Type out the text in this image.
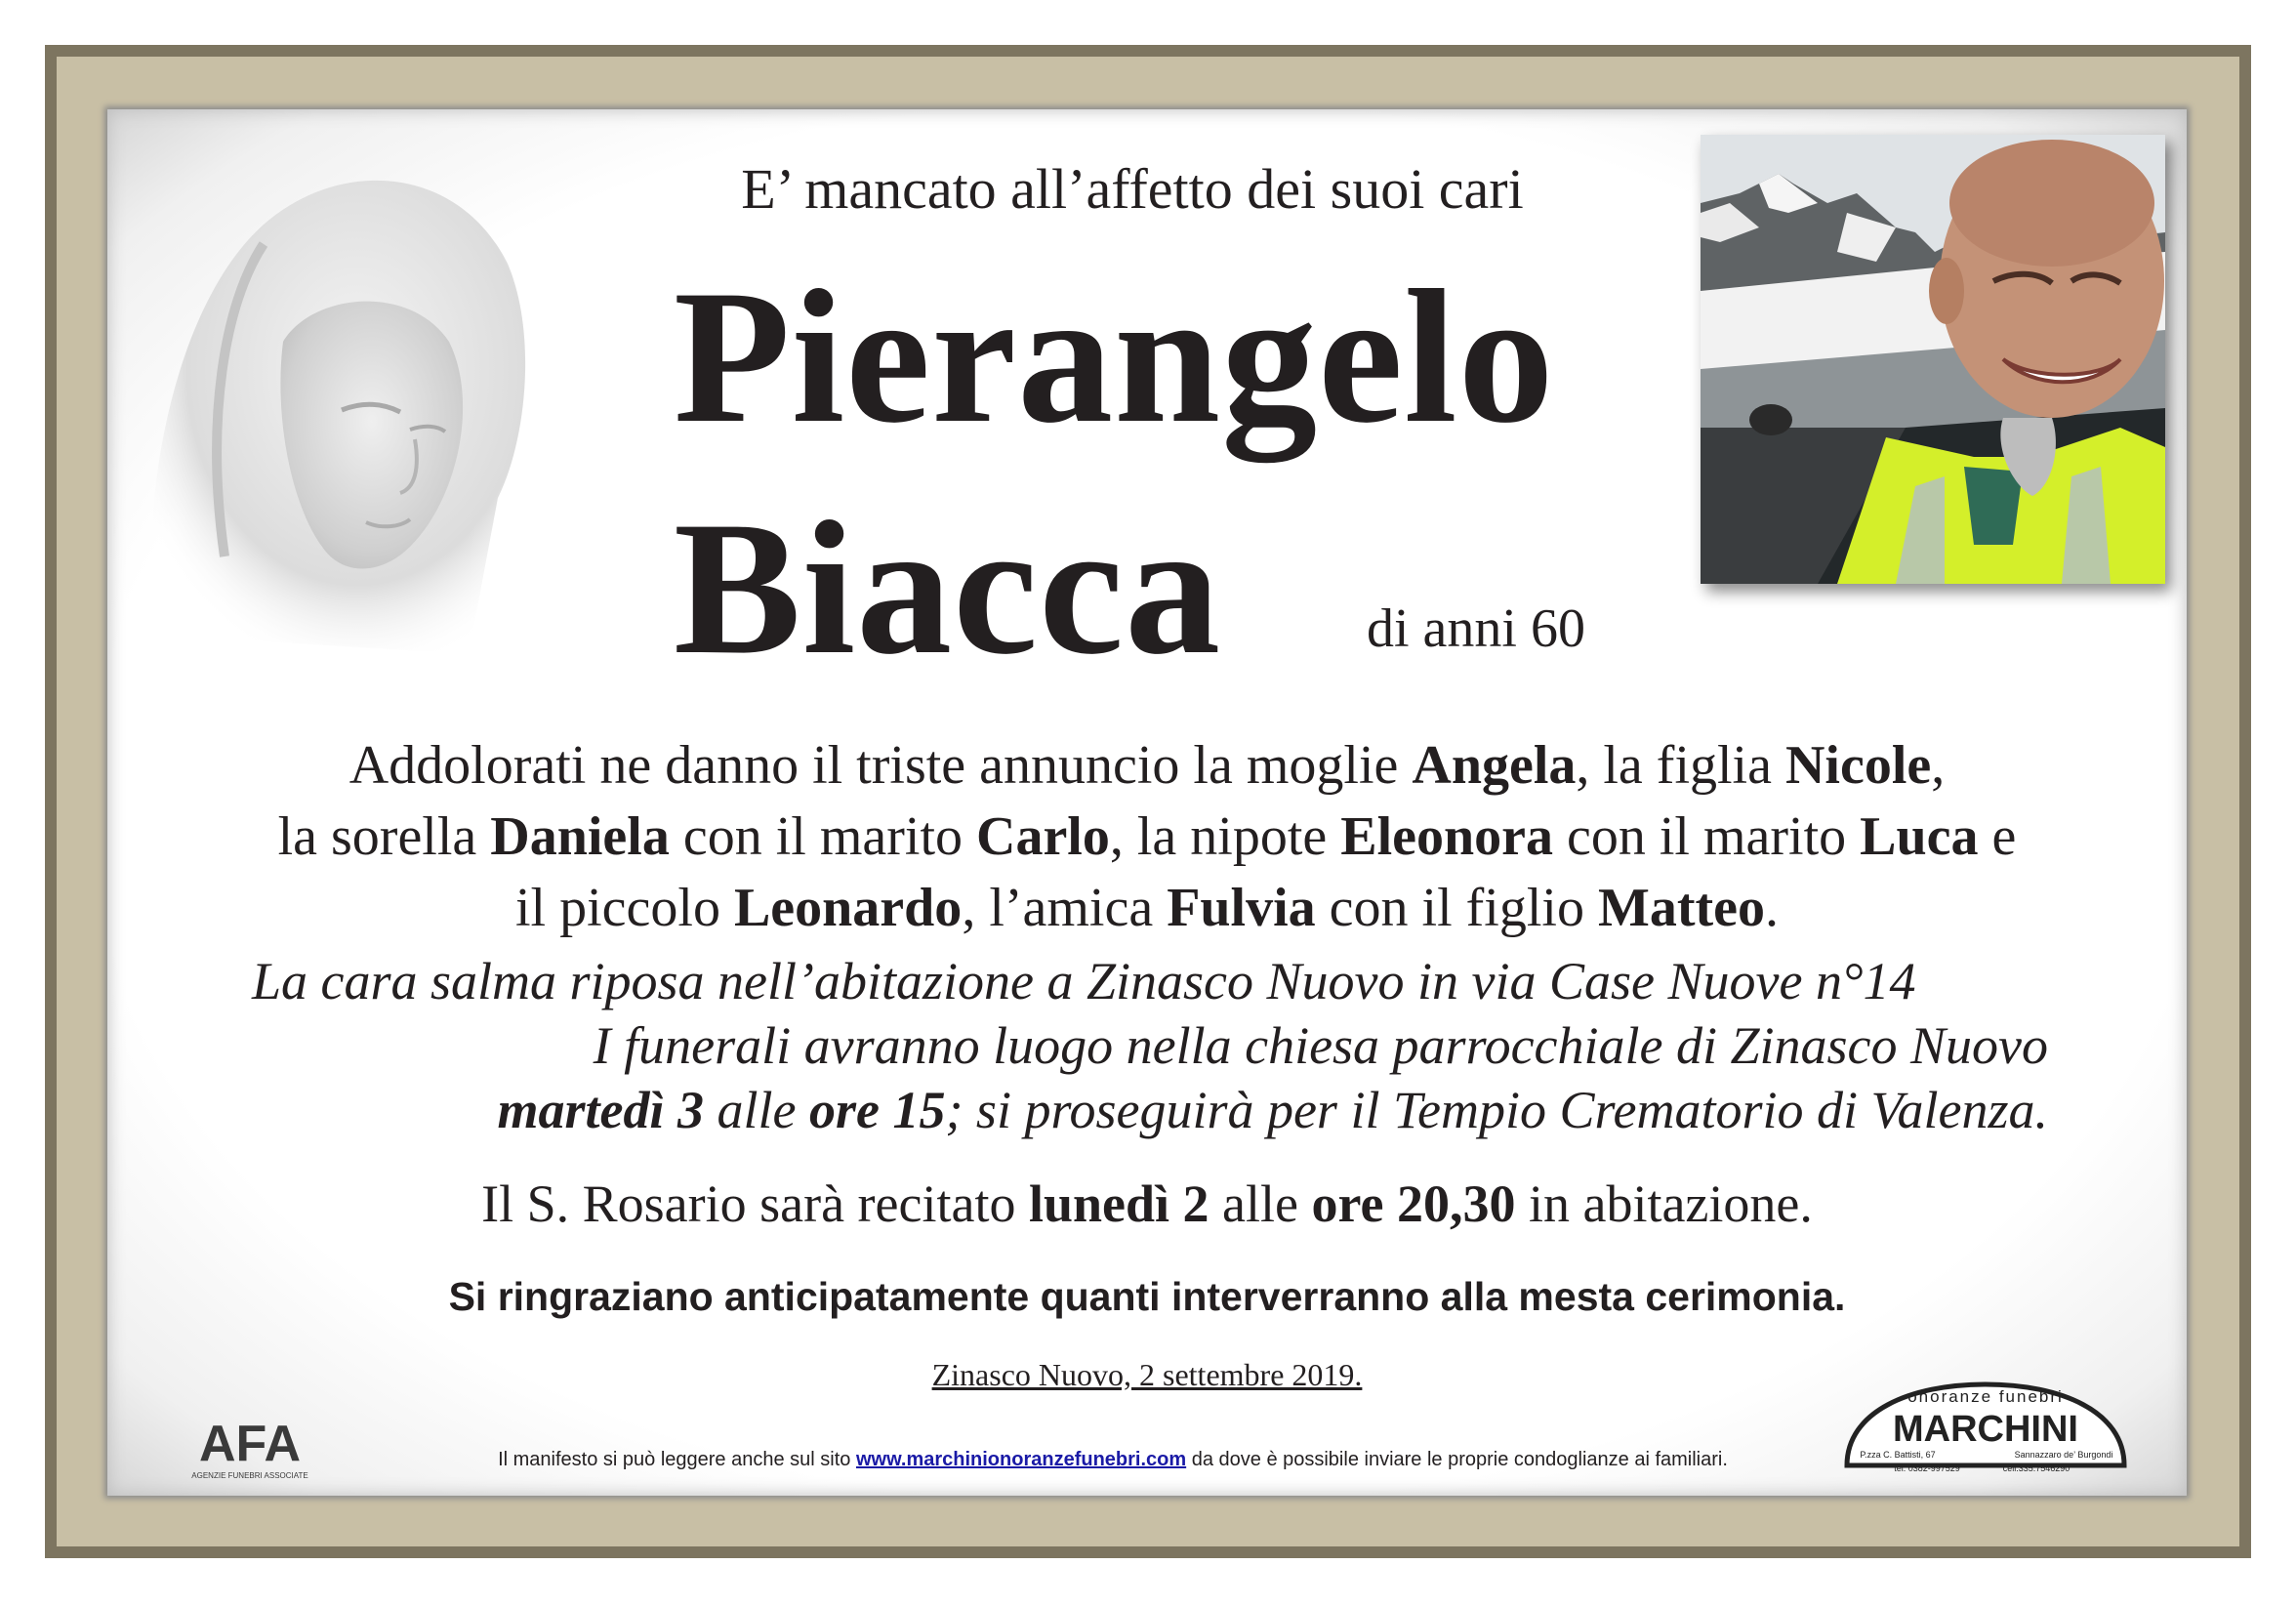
E’ mancato all’affetto dei suoi cari
Pierangelo
Biacca	di anni 60
Addolorati ne danno il triste annuncio la moglie Angela, la figlia Nicole,
la sorella Daniela con il marito Carlo, la nipote Eleonora con il marito Luca e
il piccolo Leonardo, l’amica Fulvia con il figlio Matteo.
La cara salma riposa nell’abitazione a Zinasco Nuovo in via Case Nuove n°14
I funerali avranno luogo nella chiesa parrocchiale di Zinasco Nuovo
martedì 3 alle ore 15; si proseguirà per il Tempio Crematorio di Valenza.
Il S. Rosario sarà recitato lunedì 2 alle ore 20,30 in abitazione.
Si ringraziano anticipatamente quanti interverranno alla mesta cerimonia.
Zinasco Nuovo, 2 settembre 2019.
Il manifesto si può leggere anche sul sito www.marchinionoranzefunebri.com da dove è possibile inviare le proprie condoglianze ai familiari.
AFA
AGENZIE FUNEBRI ASSOCIATE
onoranze funebri
MARCHINI
P.zza C. Battisti, 67	Sannazzaro de’ Burgondi
tel. 0382-997529	cell.335.7546290
